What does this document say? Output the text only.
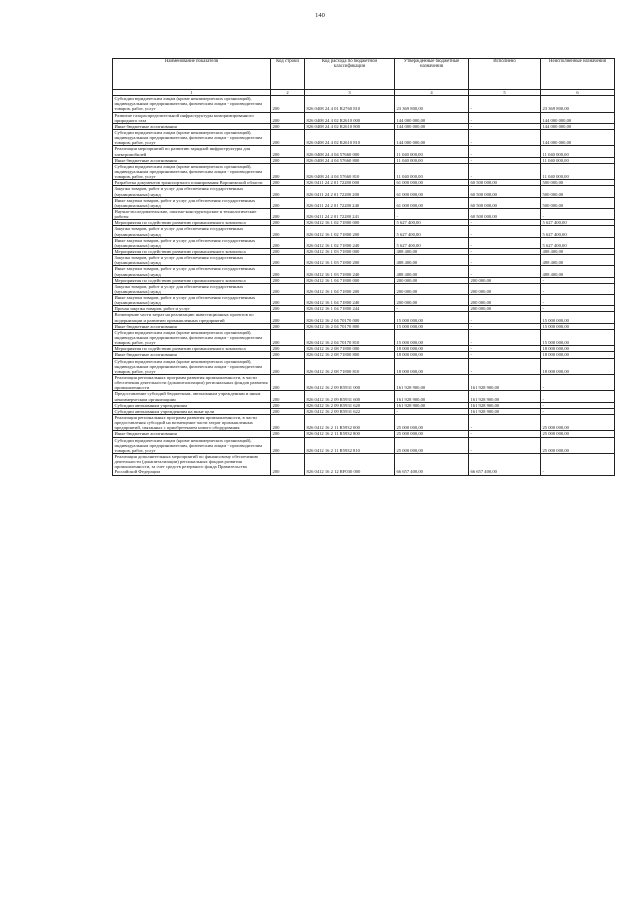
140
Наименование показателя	Код строки	Код расхода по бюджетной классификации	Утвержденные бюджетные назначения	Исполнено	Неисполненные назначения
1	2	3	4	5	6
Субсидии юридическим лицам (кроме некоммерческих организаций), индивидуальным предпринимателям, физическим лицам - производителям товаров, работ, услуг	200	826 0408 24 4 01 R2760 810	23 369 800,00	-	23 369 800,00
Развитие газораспределительной инфраструктуры компримированного природного газа	200	826 0408 24 4 02 R2610 000	144 000 000,00	-	144 000 000,00
Иные бюджетные ассигнования	200	826 0408 24 4 02 R2610 800	144 000 000,00	-	144 000 000,00
Субсидии юридическим лицам (кроме некоммерческих организаций), индивидуальным предпринимателям, физическим лицам - производителям товаров, работ, услуг	200	826 0408 24 4 02 R2610 810	144 000 000,00	-	144 000 000,00
Реализация мероприятий по развитию зарядной инфраструктуры для электромобилей	200	826 0408 24 4 04 57660 000	11 040 000,00	-	11 040 000,00
Иные бюджетные ассигнования	200	826 0408 24 4 04 57660 800	11 040 000,00	-	11 040 000,00
Субсидии юридическим лицам (кроме некоммерческих организаций), индивидуальным предпринимателям, физическим лицам - производителям товаров, работ, услуг	200	826 0408 24 4 04 57660 810	11 040 000,00	-	11 040 000,00
Разработка документов транспортного планирования Воронежской области	200	826 0411 24 2 01 72280 000	61 000 000,00	60 500 000,00	500 000,00
Закупка товаров, работ и услуг для обеспечения государственных (муниципальных) нужд	200	826 0411 24 2 01 72280 200	61 000 000,00	60 500 000,00	500 000,00
Иные закупки товаров, работ и услуг для обеспечения государственных (муниципальных) нужд	200	826 0411 24 2 01 72280 240	61 000 000,00	60 500 000,00	500 000,00
Научно-исследовательские, опытно-конструкторские и технологические работы	200	826 0411 24 2 01 72280 241	-	60 500 000,00	-
Мероприятия по содействию развитию промышленного комплекса	200	826 0412 16 1 02 71800 000	5 627 400,00	-	5 627 400,00
Закупка товаров, работ и услуг для обеспечения государственных (муниципальных) нужд	200	826 0412 16 1 02 71800 200	5 627 400,00	-	5 627 400,00
Иные закупки товаров, работ и услуг для обеспечения государственных (муниципальных) нужд	200	826 0412 16 1 02 71800 240	5 627 400,00	-	5 627 400,00
Мероприятия по содействию развитию промышленного комплекса	200	826 0412 16 1 03 71800 000	488 400,00	-	488 400,00
Закупка товаров, работ и услуг для обеспечения государственных (муниципальных) нужд	200	826 0412 16 1 03 71800 200	488 400,00	-	488 400,00
Иные закупки товаров, работ и услуг для обеспечения государственных (муниципальных) нужд	200	826 0412 16 1 03 71800 240	488 400,00	-	488 400,00
Мероприятия по содействию развитию промышленного комплекса	200	826 0412 16 1 04 71800 000	200 000,00	200 000,00	-
Закупка товаров, работ и услуг для обеспечения государственных (муниципальных) нужд	200	826 0412 16 1 04 71800 200	200 000,00	200 000,00	-
Иные закупки товаров, работ и услуг для обеспечения государственных (муниципальных) нужд	200	826 0412 16 1 04 71800 240	200 000,00	200 000,00	-
Прочая закупка товаров, работ и услуг	200	826 0412 16 1 04 71800 244	-	200 000,00	-
Возмещение части затрат на реализацию инвестиционных проектов по модернизации и развитию промышленных предприятий	200	826 0412 16 2 04 70170 000	15 000 000,00	-	15 000 000,00
Иные бюджетные ассигнования	200	826 0412 16 2 04 70170 800	15 000 000,00	-	15 000 000,00
Субсидии юридическим лицам (кроме некоммерческих организаций), индивидуальным предпринимателям, физическим лицам - производителям товаров, работ, услуг	200	826 0412 16 2 04 70170 810	15 000 000,00	-	15 000 000,00
Мероприятия по содействию развитию промышленного комплекса	200	826 0412 16 2 08 71800 000	18 000 000,00	-	18 000 000,00
Иные бюджетные ассигнования	200	826 0412 16 2 08 71800 800	18 000 000,00	-	18 000 000,00
Субсидии юридическим лицам (кроме некоммерческих организаций), индивидуальным предпринимателям, физическим лицам - производителям товаров, работ, услуг	200	826 0412 16 2 08 71800 810	18 000 000,00	-	18 000 000,00
Реализация региональных программ развития промышленности, в части обеспечения деятельности (докапитализации) региональных фондов развития промышленности	200	826 0412 16 2 09 R5931 000	161 928 900,00	161 928 900,00	-
Предоставление субсидий бюджетным, автономным учреждениям и иным некоммерческим организациям	200	826 0412 16 2 09 R5931 600	161 928 900,00	161 928 900,00	-
Субсидии автономным учреждениям	200	826 0412 16 2 09 R5931 620	161 928 900,00	161 928 900,00	-
Субсидии автономным учреждениям на иные цели	200	826 0412 16 2 09 R5931 622	-	161 928 900,00	-
Реализация региональных программ развития промышленности, в части предоставления субсидий на возмещение части затрат промышленных предприятий, связанных с приобретением нового оборудования	200	826 0412 16 2 11 R5932 000	25 000 000,00	-	25 000 000,00
Иные бюджетные ассигнования	200	826 0412 16 2 11 R5932 800	25 000 000,00	-	25 000 000,00
Субсидии юридическим лицам (кроме некоммерческих организаций), индивидуальным предпринимателям, физическим лицам - производителям товаров, работ, услуг	200	826 0412 16 2 11 R5932 810	25 000 000,00	-	25 000 000,00
Реализация дополнительных мероприятий по финансовому обеспечению деятельности (докапитализации) региональных фондов развития промышленности, за счет средств резервного фонда Правительства Российской Федерации	200	826 0412 16 2 12 RF030 000	66 657 400,00	66 657 400,00	-
